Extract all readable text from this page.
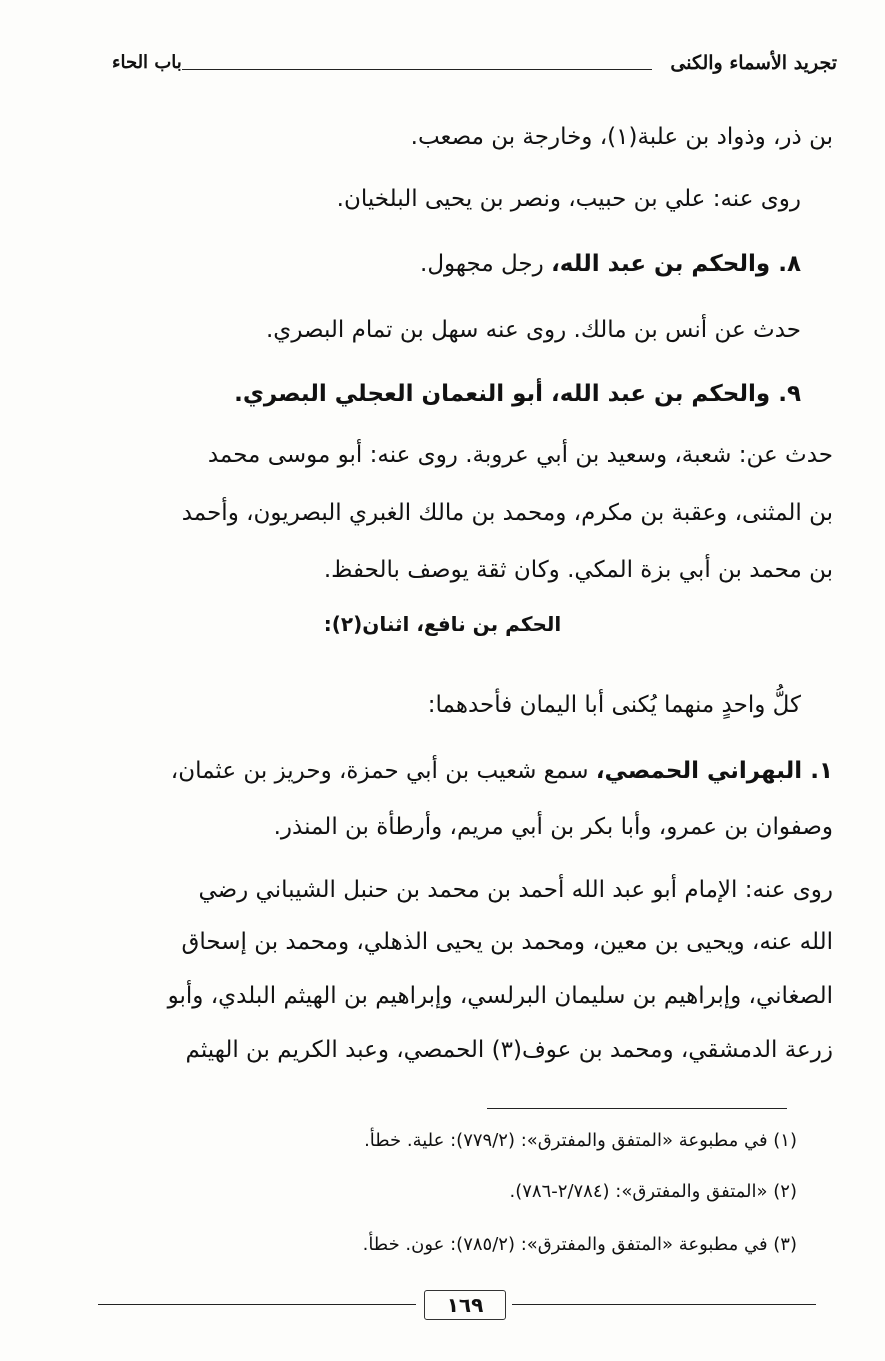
تجريد الأسماء والكنى
باب الحاء
بن ذر، وذواد بن علبة(١)، وخارجة بن مصعب.
روى عنه: علي بن حبيب، ونصر بن يحيى البلخيان.
٨. والحكم بن عبد الله، رجل مجهول.
حدث عن أنس بن مالك. روى عنه سهل بن تمام البصري.
٩. والحكم بن عبد الله، أبو النعمان العجلي البصري.
حدث عن: شعبة، وسعيد بن أبي عروبة. روى عنه: أبو موسى محمد
بن المثنى، وعقبة بن مكرم، ومحمد بن مالك الغبري البصريون، وأحمد
بن محمد بن أبي بزة المكي. وكان ثقة يوصف بالحفظ.
الحكم بن نافع، اثنان(٢):
كلُّ واحدٍ منهما يُكنى أبا اليمان فأحدهما:
١. البهراني الحمصي، سمع شعيب بن أبي حمزة، وحريز بن عثمان،
وصفوان بن عمرو، وأبا بكر بن أبي مريم، وأرطأة بن المنذر.
روى عنه: الإمام أبو عبد الله أحمد بن محمد بن حنبل الشيباني رضي
الله عنه، ويحيى بن معين، ومحمد بن يحيى الذهلي، ومحمد بن إسحاق
الصغاني، وإبراهيم بن سليمان البرلسي، وإبراهيم بن الهيثم البلدي، وأبو
زرعة الدمشقي، ومحمد بن عوف(٣) الحمصي، وعبد الكريم بن الهيثم
(١) في مطبوعة «المتفق والمفترق»: (٧٧٩/٢): علية. خطأ.
(٢) «المتفق والمفترق»: (٢/٧٨٤-٧٨٦).
(٣) في مطبوعة «المتفق والمفترق»: (٧٨٥/٢): عون. خطأ.
١٦٩
